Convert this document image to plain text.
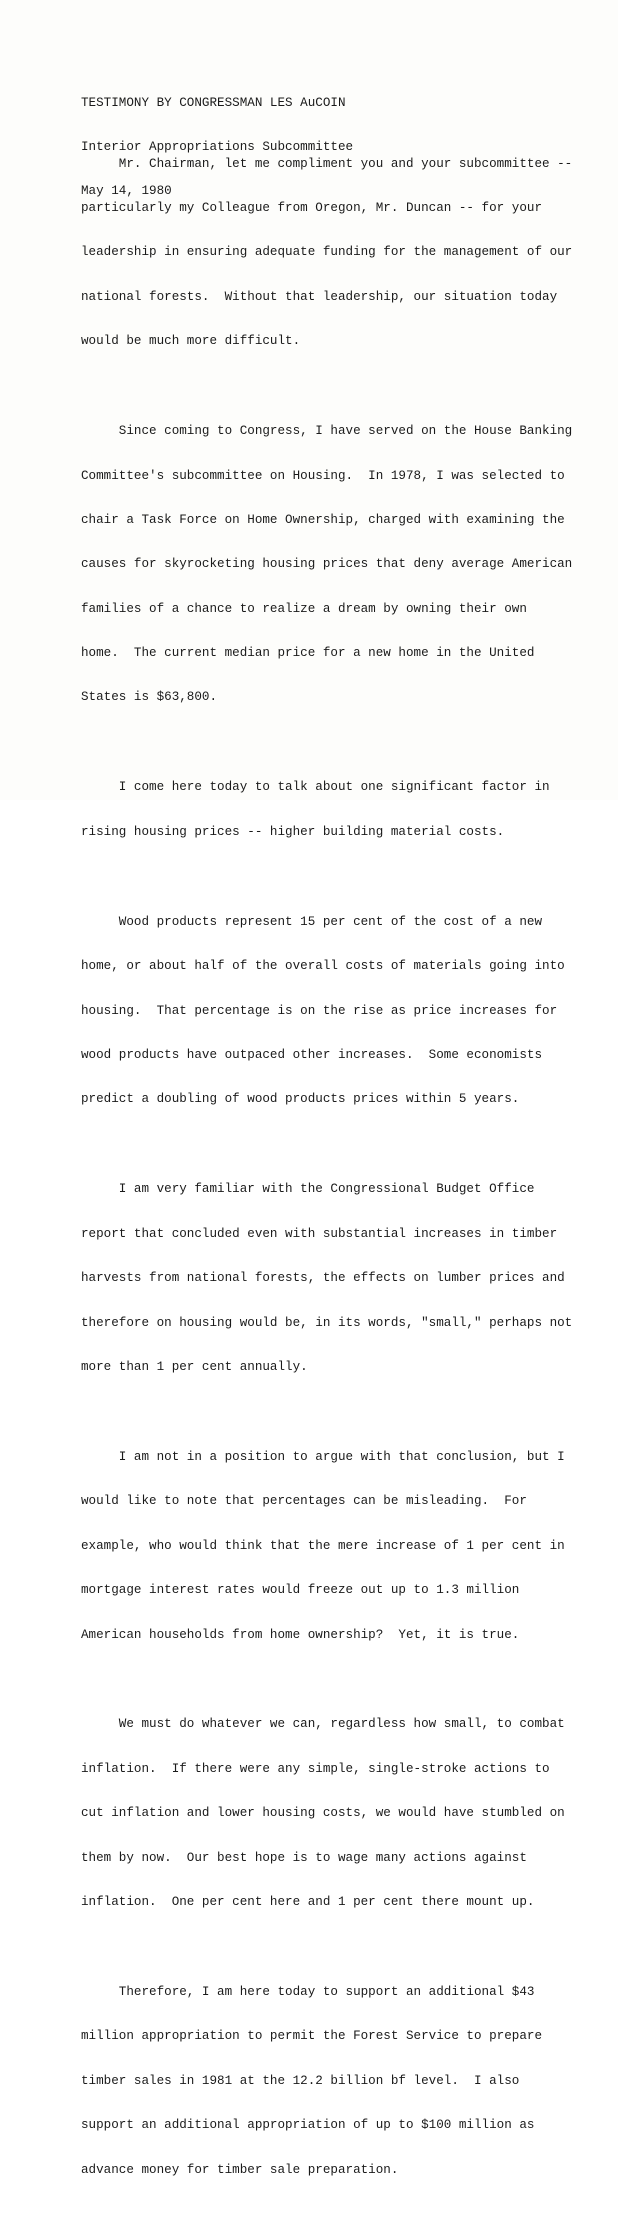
TESTIMONY BY CONGRESSMAN LES AuCOIN

Interior Appropriations Subcommittee

May 14, 1980

Mr. Chairman, let me compliment you and your subcommittee --

particularly my Colleague from Oregon, Mr. Duncan -- for your

leadership in ensuring adequate funding for the management of our

national forests.  Without that leadership, our situation today

would be much more difficult.

Since coming to Congress, I have served on the House Banking

Committee's subcommittee on Housing.  In 1978, I was selected to

chair a Task Force on Home Ownership, charged with examining the

causes for skyrocketing housing prices that deny average American

families of a chance to realize a dream by owning their own

home.  The current median price for a new home in the United

States is $63,800.

I come here today to talk about one significant factor in

rising housing prices -- higher building material costs.

Wood products represent 15 per cent of the cost of a new

home, or about half of the overall costs of materials going into

housing.  That percentage is on the rise as price increases for

wood products have outpaced other increases.  Some economists

predict a doubling of wood products prices within 5 years.

I am very familiar with the Congressional Budget Office

report that concluded even with substantial increases in timber

harvests from national forests, the effects on lumber prices and

therefore on housing would be, in its words, "small," perhaps not

more than 1 per cent annually.

I am not in a position to argue with that conclusion, but I

would like to note that percentages can be misleading.  For

example, who would think that the mere increase of 1 per cent in

mortgage interest rates would freeze out up to 1.3 million

American households from home ownership?  Yet, it is true.

We must do whatever we can, regardless how small, to combat

inflation.  If there were any simple, single-stroke actions to

cut inflation and lower housing costs, we would have stumbled on

them by now.  Our best hope is to wage many actions against

inflation.  One per cent here and 1 per cent there mount up.

Therefore, I am here today to support an additional $43

million appropriation to permit the Forest Service to prepare

timber sales in 1981 at the 12.2 billion bf level.  I also

support an additional appropriation of up to $100 million as

advance money for timber sale preparation.
